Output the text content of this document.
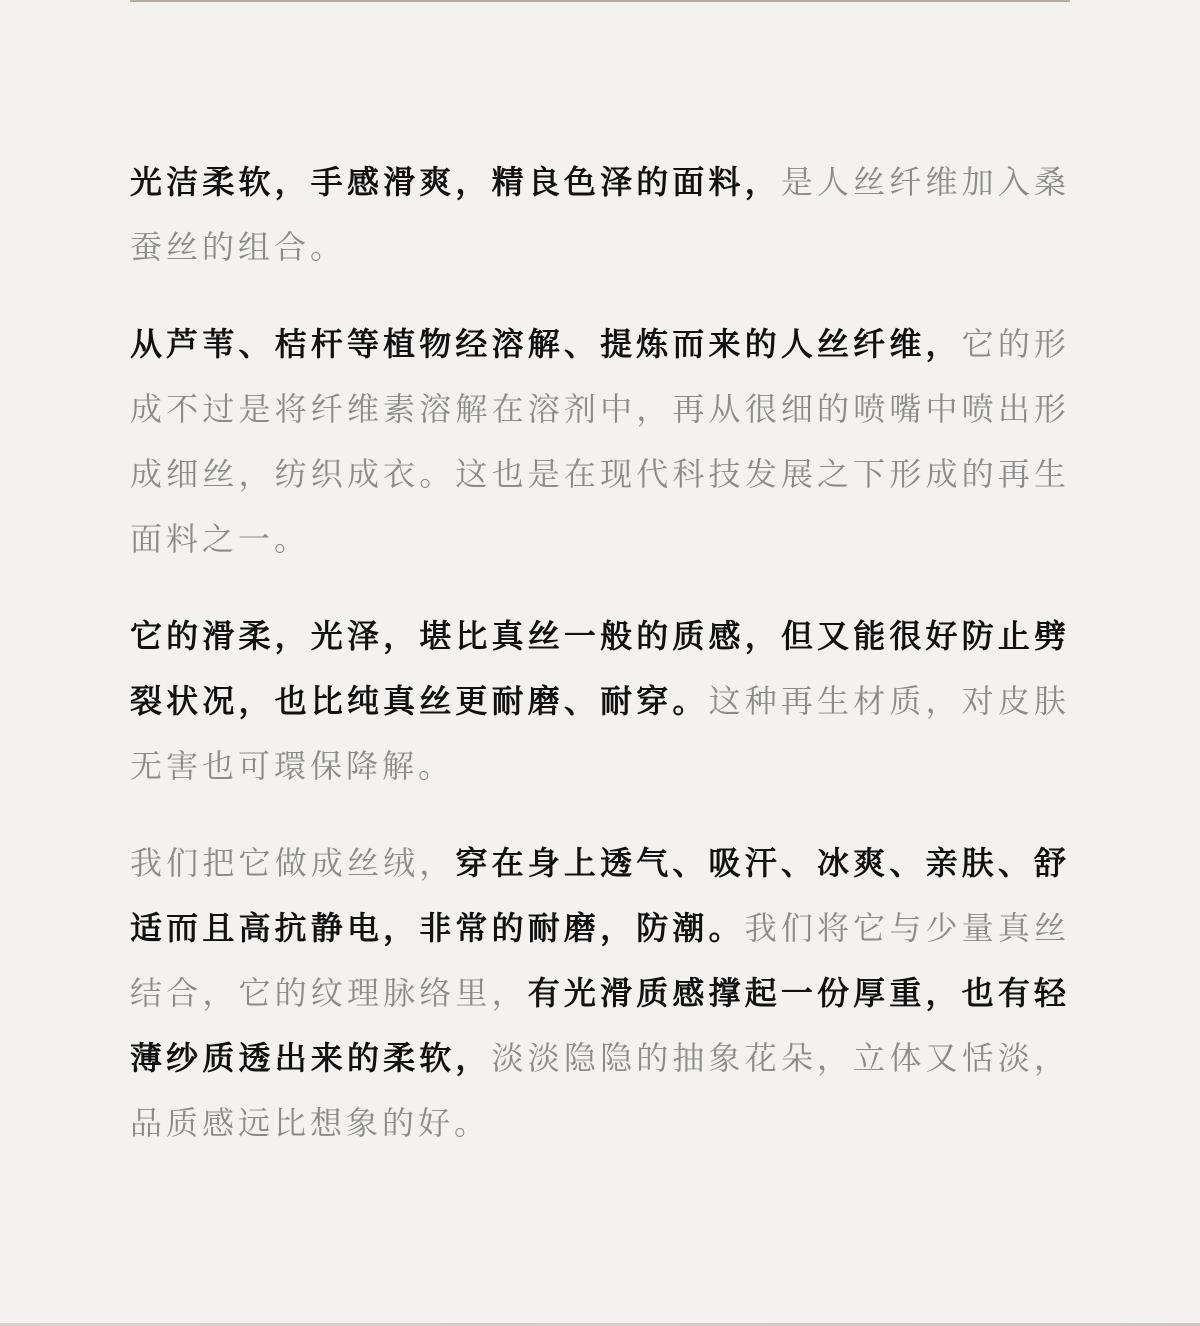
光洁柔软，手感滑爽，精良色泽的面料，是人丝纤维加入桑蚕丝的组合。

从芦苇、桔杆等植物经溶解、提炼而来的人丝纤维，它的形成不过是将纤维素溶解在溶剂中，再从很细的喷嘴中喷出形成细丝，纺织成衣。这也是在现代科技发展之下形成的再生面料之一。

它的滑柔，光泽，堪比真丝一般的质感，但又能很好防止劈裂状况，也比纯真丝更耐磨、耐穿。这种再生材质，对皮肤无害也可環保降解。

我们把它做成丝绒，穿在身上透气、吸汗、冰爽、亲肤、舒适而且高抗静电，非常的耐磨，防潮。我们将它与少量真丝结合，它的纹理脉络里，有光滑质感撑起一份厚重，也有轻薄纱质透出来的柔软，淡淡隐隐的抽象花朵，立体又恬淡，品质感远比想象的好。
